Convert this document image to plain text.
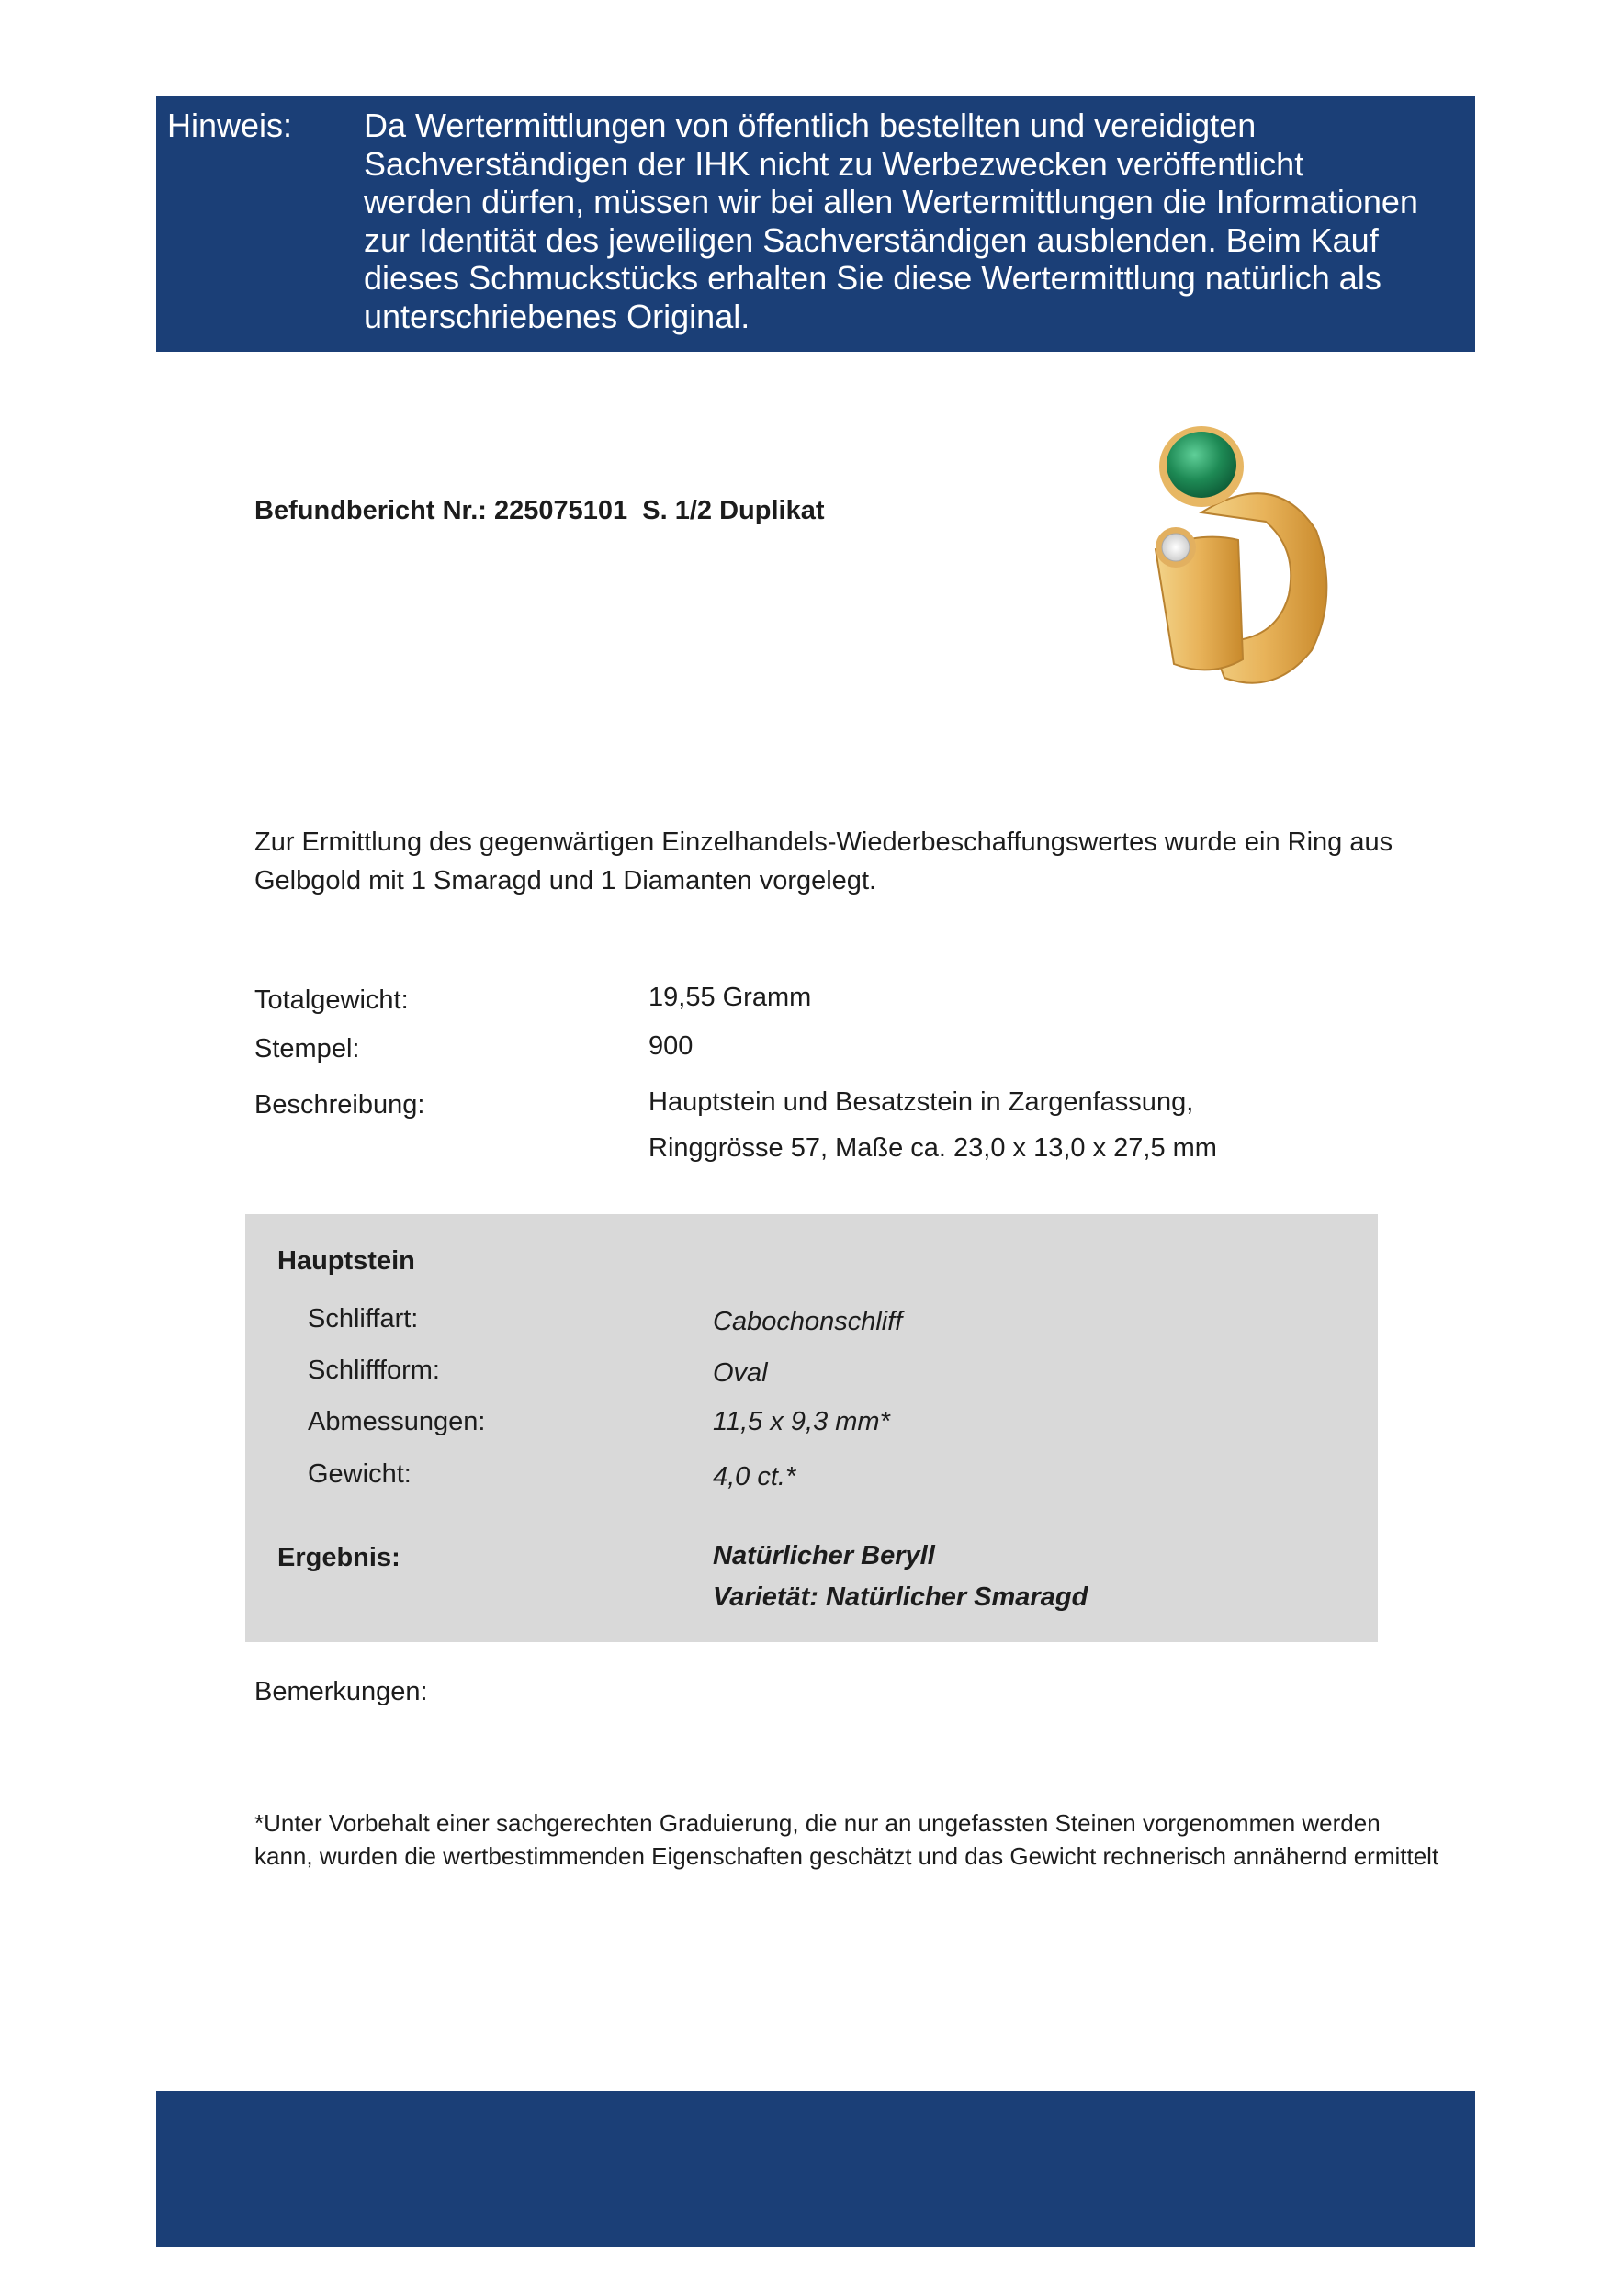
Hinweis: Da Wertermittlungen von öffentlich bestellten und vereidigten Sachverständigen der IHK nicht zu Werbezwecken veröffentlicht werden dürfen, müssen wir bei allen Wertermittlungen die Informationen zur Identität des jeweiligen Sachverständigen ausblenden. Beim Kauf dieses Schmuckstücks erhalten Sie diese Wertermittlung natürlich als unterschriebenes Original.
Befundbericht Nr.: 225075101  S. 1/2 Duplikat
Zur Ermittlung des gegenwärtigen Einzelhandels-Wiederbeschaffungswertes wurde ein Ring aus Gelbgold mit 1 Smaragd und 1 Diamanten vorgelegt.
Totalgewicht:	19,55 Gramm
Stempel:	900
Beschreibung:	Hauptstein und Besatzstein in Zargenfassung,
Ringgrösse 57, Maße ca. 23,0 x 13,0 x 27,5 mm
Hauptstein
Schliffart:	Cabochonschliff
Schliffform:	Oval
Abmessungen:	11,5 x 9,3 mm*
Gewicht:	4,0 ct.*
Ergebnis:	Natürlicher Beryll
Varietät: Natürlicher Smaragd
Bemerkungen:
*Unter Vorbehalt einer sachgerechten Graduierung, die nur an ungefassten Steinen vorgenommen werden kann, wurden die wertbestimmenden Eigenschaften geschätzt und das Gewicht rechnerisch annähernd ermittelt
